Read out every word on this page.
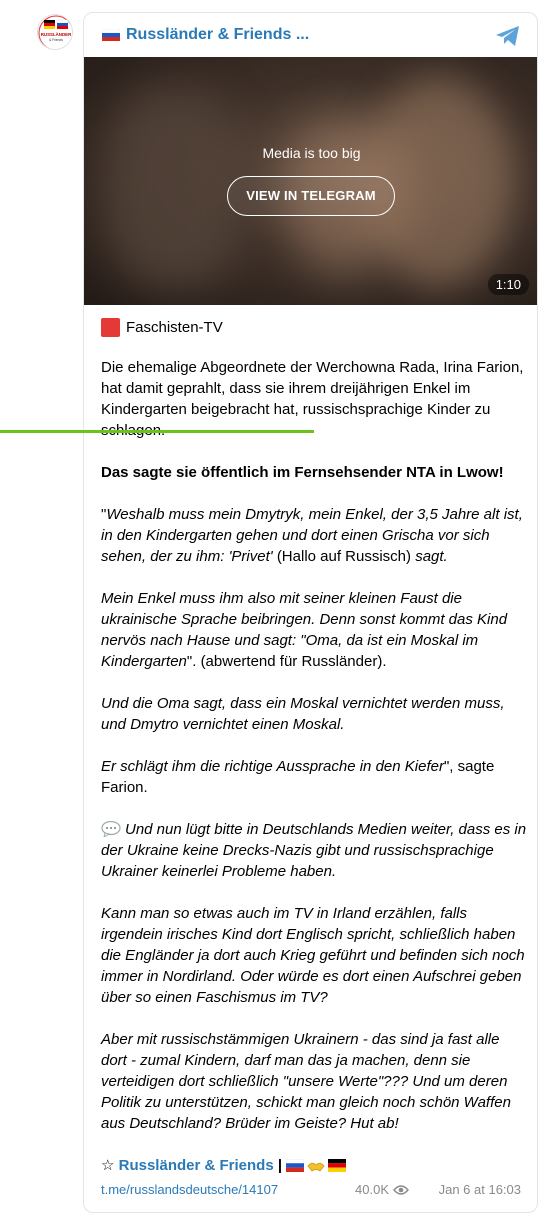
RUSSLÄNDER
& Friends	Russländer & Friends ...
Media is too big
VIEW IN TELEGRAM
1:10
Faschisten-TV

Die ehemalige Abgeordnete der Werchowna Rada, Irina Farion, hat damit geprahlt, dass sie ihrem dreijährigen Enkel im Kindergarten beigebracht hat, russischsprachige Kinder zu

Das sagte sie öffentlich im Fernsehsender NTA in Lwow!

"Weshalb muss mein Dmytryk, mein Enkel, der 3,5 Jahre alt ist, in den Kindergarten gehen und dort einen Grischa vor sich sehen, der zu ihm: 'Privet' (Hallo auf Russisch) sagt.

Mein Enkel muss ihm also mit seiner kleinen Faust die ukrainische Sprache beibringen. Denn sonst kommt das Kind nervös nach Hause und sagt: "Oma, da ist ein Moskal im Kindergarten". (abwertend für Russländer).

Und die Oma sagt, dass ein Moskal vernichtet werden muss, und Dmytro vernichtet einen Moskal.

Er schlägt ihm die richtige Aussprache in den Kiefer", sagte Farion.

Und nun lügt bitte in Deutschlands Medien weiter, dass es in der Ukraine keine Drecks-Nazis gibt und russischsprachige Ukrainer keinerlei Probleme haben.

Kann man so etwas auch im TV in Irland erzählen, falls irgendein irisches Kind dort Englisch spricht, schließlich haben die Engländer ja dort auch Krieg geführt und befinden sich noch immer in Nordirland. Oder würde es dort einen Aufschrei geben über so einen Faschismus im TV?

Aber mit russischstämmigen Ukrainern - das sind ja fast alle dort - zumal Kindern, darf man das ja machen, denn sie verteidigen dort schließlich "unsere Werte"??? Und um deren Politik zu unterstützen, schickt man gleich noch schön Waffen aus Deutschland? Brüder im Geiste? Hut ab!

☆ Russländer & Friends |
t.me/russlandsdeutsche/14107	40.0K	Jan 6 at 16:03
